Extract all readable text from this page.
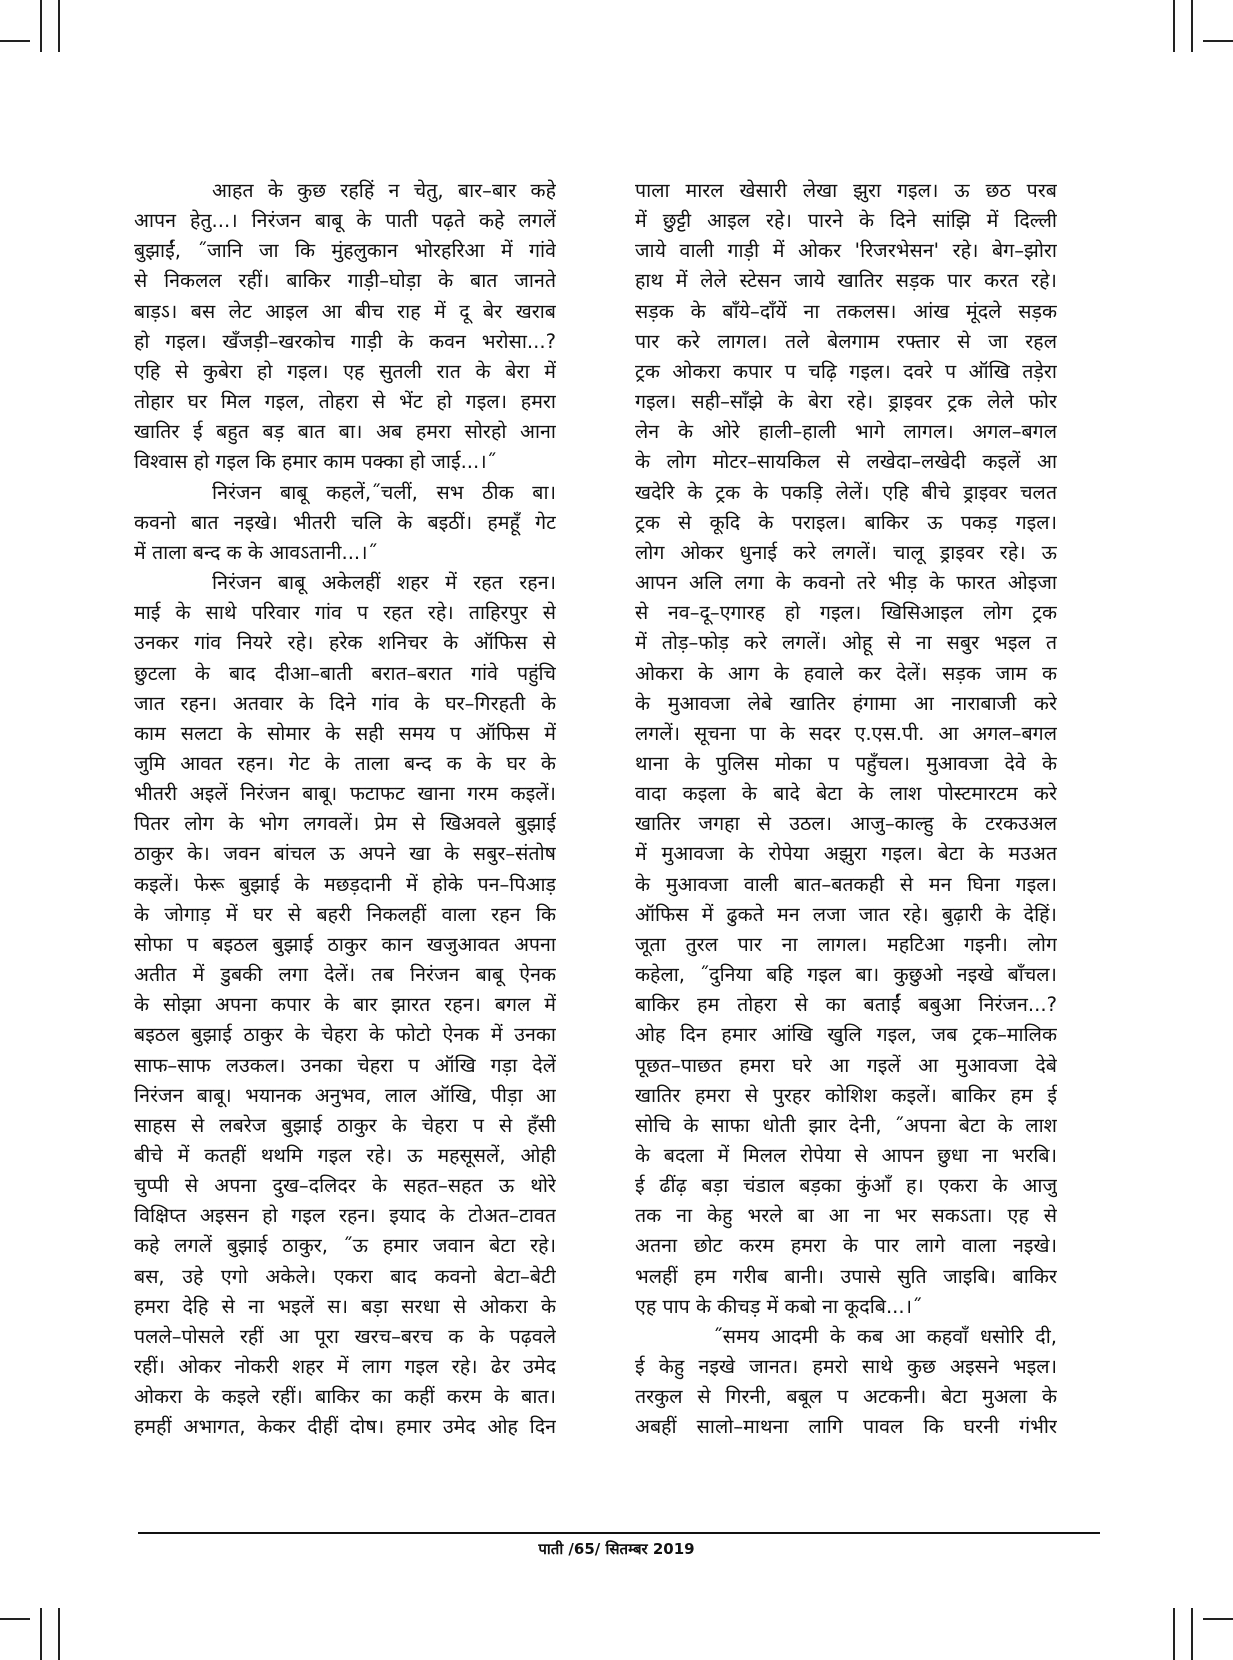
आहत के कुछ रहहिं न चेतु, बार–बार कहे

आपन हेतु...। निरंजन बाबू के पाती पढ़ते कहे लगलें

बुझाईं, ˝जानि जा कि मुंहलुकान भोरहरिआ में गांवे

से निकलल रहीं। बाकिर गाड़ी–घोड़ा के बात जानते

बाड़ऽ। बस लेट आइल आ बीच राह में दू बेर खराब

हो गइल। खँजड़ी–खरकोच गाड़ी के कवन भरोसा...?

एहि से कुबेरा हो गइल। एह सुतली रात के बेरा में

तोहार घर मिल गइल, तोहरा से भेंट हो गइल। हमरा

खातिर ई बहुत बड़ बात बा। अब हमरा सोरहो आना

विश्वास हो गइल कि हमार काम पक्का हो जाई...।˝

निरंजन बाबू कहलें,˝चलीं, सभ ठीक बा।

कवनो बात नइखे। भीतरी चलि के बइठीं। हमहूँ गेट

में ताला बन्द क के आवऽतानी...।˝

निरंजन बाबू अकेलहीं शहर में रहत रहन।

माई के साथे परिवार गांव प रहत रहे। ताहिरपुर से

उनकर गांव नियरे रहे। हरेक शनिचर के ऑफिस से

छुटला के बाद दीआ–बाती बरात–बरात गांवे पहुंचि

जात रहन। अतवार के दिने गांव के घर–गिरहती के

काम सलटा के सोमार के सही समय प ऑफिस में

जुमि आवत रहन। गेट के ताला बन्द क के घर के

भीतरी अइलें निरंजन बाबू। फटाफट खाना गरम कइलें।

पितर लोग के भोग लगवलें। प्रेम से खिअवले बुझाई

ठाकुर के। जवन बांचल ऊ अपने खा के सबुर–संतोष

कइलें। फेरू बुझाई के मछड़दानी में होके पन–पिआड़

के जोगाड़ में घर से बहरी निकलहीं वाला रहन कि

सोफा प बइठल बुझाई ठाकुर कान खजुआवत अपना

अतीत में डुबकी लगा देलें। तब निरंजन बाबू ऐनक

के सोझा अपना कपार के बार झारत रहन। बगल में

बइठल बुझाई ठाकुर के चेहरा के फोटो ऐनक में उनका

साफ–साफ लउकल। उनका चेहरा प ऑखि गड़ा देलें

निरंजन बाबू। भयानक अनुभव, लाल ऑखि, पीड़ा आ

साहस से लबरेज बुझाई ठाकुर के चेहरा प से हँसी

बीचे में कतहीं थथमि गइल रहे। ऊ महसूसलें, ओही

चुप्पी से अपना दुख–दलिदर के सहत–सहत ऊ थोरे

विक्षिप्त अइसन हो गइल रहन। इयाद के टोअत–टावत

कहे लगलें बुझाई ठाकुर, ˝ऊ हमार जवान बेटा रहे।

बस, उहे एगो अकेले। एकरा बाद कवनो बेटा–बेटी

हमरा देहि से ना भइलें स। बड़ा सरधा से ओकरा के

पलले–पोसले रहीं आ पूरा खरच–बरच क के पढ़वले

रहीं। ओकर नोकरी शहर में लाग गइल रहे। ढेर उमेद

ओकरा के कइले रहीं। बाकिर का कहीं करम के बात।

हमहीं अभागत, केकर दीहीं दोष। हमार उमेद ओह दिन

पाला मारल खेसारी लेखा झुरा गइल। ऊ छठ परब

में छुट्टी आइल रहे। पारने के दिने सांझि में दिल्ली

जाये वाली गाड़ी में ओकर 'रिजरभेसन' रहे। बेग–झोरा

हाथ में लेले स्टेसन जाये खातिर सड़क पार करत रहे।

सड़क के बाँये–दाँयें ना तकलस। आंख मूंदले सड़क

पार करे लागल। तले बेलगाम रफ्तार से जा रहल

ट्रक ओकरा कपार प चढ़ि गइल। दवरे प ऑखि तड़ेरा

गइल। सही–साँझे के बेरा रहे। ड्राइवर ट्रक लेले फोर

लेन के ओरे हाली–हाली भागे लागल। अगल–बगल

के लोग मोटर–सायकिल से लखेदा–लखेदी कइलें आ

खदेरि के ट्रक के पकड़ि लेलें। एहि बीचे ड्राइवर चलत

ट्रक से कूदि के पराइल। बाकिर ऊ पकड़ गइल।

लोग ओकर धुनाई करे लगलें। चालू ड्राइवर रहे। ऊ

आपन अलि लगा के कवनो तरे भीड़ के फारत ओइजा

से नव–दू–एगारह हो गइल। खिसिआइल लोग ट्रक

में तोड़–फोड़ करे लगलें। ओहू से ना सबुर भइल त

ओकरा के आग के हवाले कर देलें। सड़क जाम क

के मुआवजा लेबे खातिर हंगामा आ नाराबाजी करे

लगलें। सूचना पा के सदर ए.एस.पी. आ अगल–बगल

थाना के पुलिस मोका प पहुँचल। मुआवजा देवे के

वादा कइला के बादे बेटा के लाश पोस्टमारटम करे

खातिर जगहा से उठल। आजु–काल्हु के टरकउअल

में मुआवजा के रोपेया अझुरा गइल। बेटा के मउअत

के मुआवजा वाली बात–बतकही से मन घिना गइल।

ऑफिस में ढुकते मन लजा जात रहे। बुढ़ारी के देहिं।

जूता तुरल पार ना लागल। महटिआ गइनी। लोग

कहेला, ˝दुनिया बहि गइल बा। कुछुओ नइखे बाँचल।

बाकिर हम तोहरा से का बताईं बबुआ निरंजन...?

ओह दिन हमार आंखि खुलि गइल, जब ट्रक–मालिक

पूछत–पाछत हमरा घरे आ गइलें आ मुआवजा देबे

खातिर हमरा से पुरहर कोशिश कइलें। बाकिर हम ई

सोचि के साफा धोती झार देनी, ˝अपना बेटा के लाश

के बदला में मिलल रोपेया से आपन छुधा ना भरबि।

ई ढींढ़ बड़ा चंडाल बड़का कुंआँ ह। एकरा के आजु

तक ना केहु भरले बा आ ना भर सकऽता। एह से

अतना छोट करम हमरा के पार लागे वाला नइखे।

भलहीं हम गरीब बानी। उपासे सुति जाइबि। बाकिर

एह पाप के कीचड़ में कबो ना कूदबि...।˝

˝समय आदमी के कब आ कहवाँ धसोरि दी,

ई केहु नइखे जानत। हमरो साथे कुछ अइसने भइल।

तरकुल से गिरनी, बबूल प अटकनी। बेटा मुअला के

अबहीं सालो–माथना लागि पावल कि घरनी गंभीर

पाती /65/ सितम्बर 2019
